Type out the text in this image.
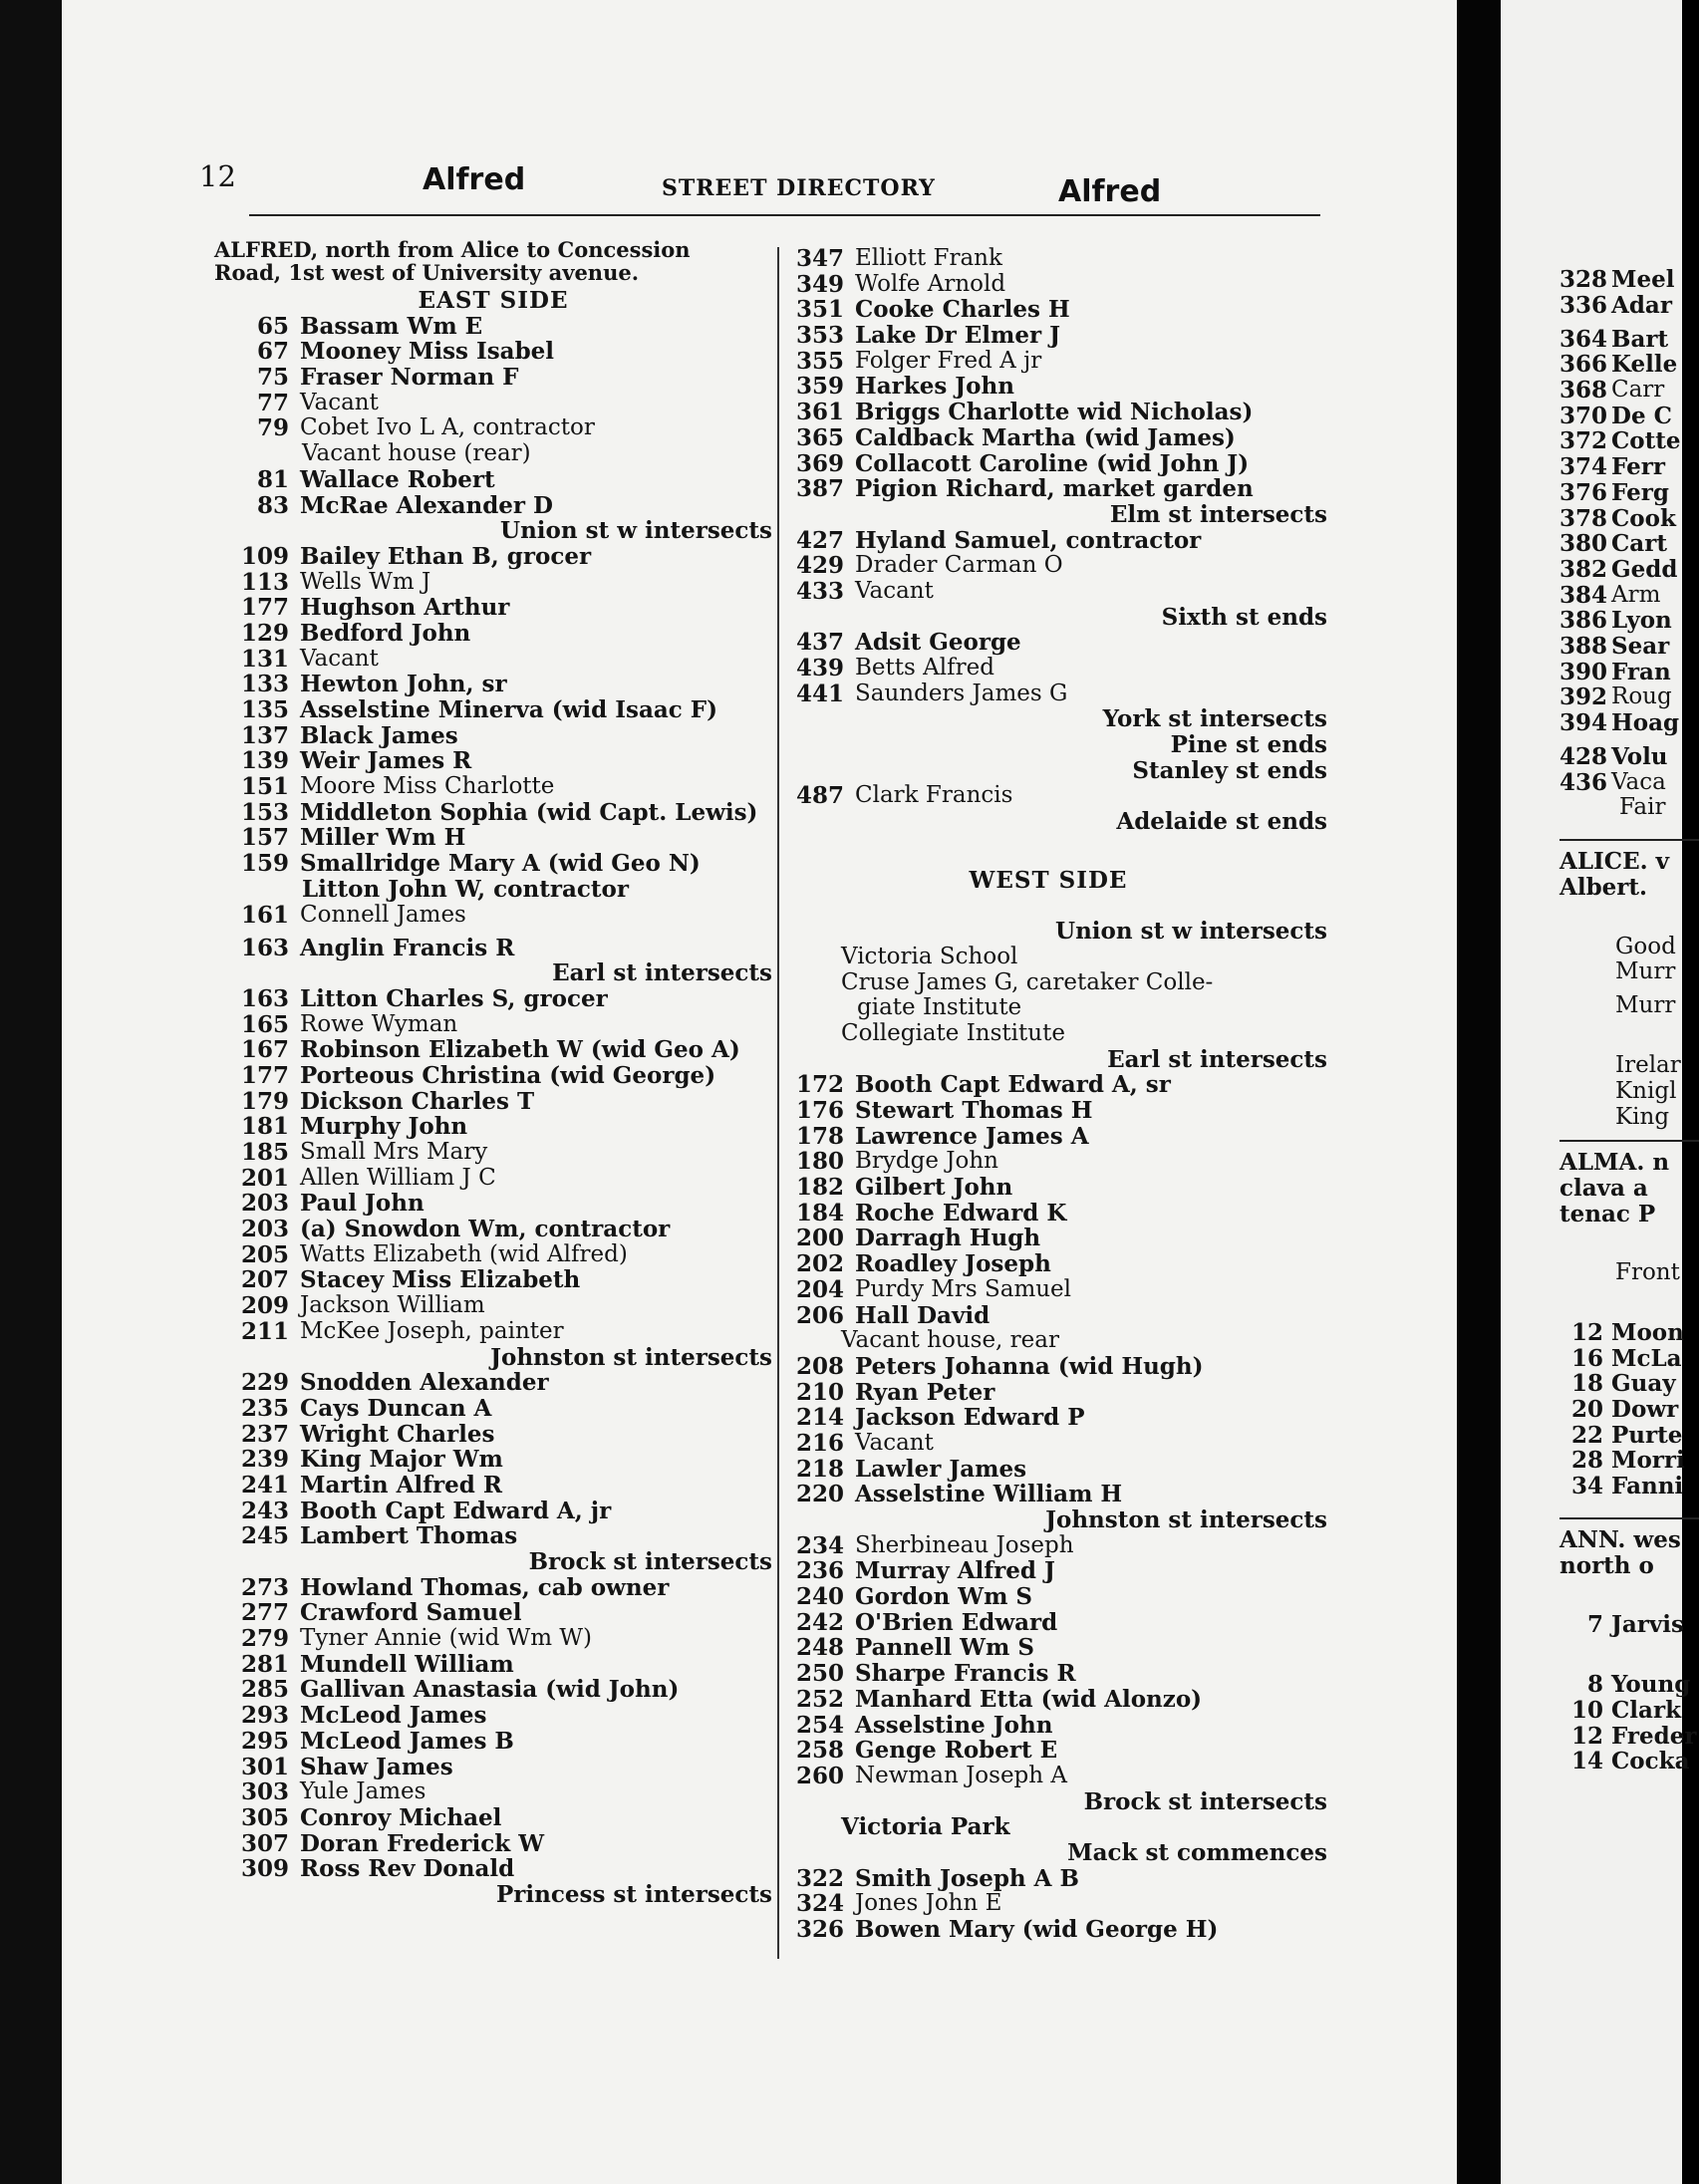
12	Alfred	STREET DIRECTORY	Alfred
ALFRED, north from Alice to Concession Road, 1st west of University avenue.
EAST SIDE
65 Bassam Wm E
67 Mooney Miss Isabel
75 Fraser Norman F
77 Vacant
79 Cobet Ivo L A, contractor
Vacant house (rear)
81 Wallace Robert
83 McRae Alexander D
Union st w intersects
109 Bailey Ethan B, grocer
113 Wells Wm J
177 Hughson Arthur
129 Bedford John
131 Vacant
133 Hewton John, sr
135 Asselstine Minerva (wid Isaac F)
137 Black James
139 Weir James R
151 Moore Miss Charlotte
153 Middleton Sophia (wid Capt. Lewis)
157 Miller Wm H
159 Smallridge Mary A (wid Geo N)
Litton John W, contractor
161 Connell James
163 Anglin Francis R
Earl st intersects
163 Litton Charles S, grocer
165 Rowe Wyman
167 Robinson Elizabeth W (wid Geo A)
177 Porteous Christina (wid George)
179 Dickson Charles T
181 Murphy John
185 Small Mrs Mary
201 Allen William J C
203 Paul John
203 (a) Snowdon Wm, contractor
205 Watts Elizabeth (wid Alfred)
207 Stacey Miss Elizabeth
209 Jackson William
211 McKee Joseph, painter
Johnston st intersects
229 Snodden Alexander
235 Cays Duncan A
237 Wright Charles
239 King Major Wm
241 Martin Alfred R
243 Booth Capt Edward A, jr
245 Lambert Thomas
Brock st intersects
273 Howland Thomas, cab owner
277 Crawford Samuel
279 Tyner Annie (wid Wm W)
281 Mundell William
285 Gallivan Anastasia (wid John)
293 McLeod James
295 McLeod James B
301 Shaw James
303 Yule James
305 Conroy Michael
307 Doran Frederick W
309 Ross Rev Donald
Princess st intersects
347 Elliott Frank
349 Wolfe Arnold
351 Cooke Charles H
353 Lake Dr Elmer J
355 Folger Fred A jr
359 Harkes John
361 Briggs Charlotte wid Nicholas)
365 Caldback Martha (wid James)
369 Collacott Caroline (wid John J)
387 Pigion Richard, market garden
Elm st intersects
427 Hyland Samuel, contractor
429 Drader Carman O
433 Vacant
Sixth st ends
437 Adsit George
439 Betts Alfred
441 Saunders James G
York st intersects
Pine st ends
Stanley st ends
487 Clark Francis
Adelaide st ends
WEST SIDE
Union st w intersects
Victoria School
Cruse James G, caretaker Colle-
giate Institute
Collegiate Institute
Earl st intersects
172 Booth Capt Edward A, sr
176 Stewart Thomas H
178 Lawrence James A
180 Brydge John
182 Gilbert John
184 Roche Edward K
200 Darragh Hugh
202 Roadley Joseph
204 Purdy Mrs Samuel
206 Hall David
Vacant house, rear
208 Peters Johanna (wid Hugh)
210 Ryan Peter
214 Jackson Edward P
216 Vacant
218 Lawler James
220 Asselstine William H
Johnston st intersects
234 Sherbineau Joseph
236 Murray Alfred J
240 Gordon Wm S
242 O'Brien Edward
248 Pannell Wm S
250 Sharpe Francis R
252 Manhard Etta (wid Alonzo)
254 Asselstine John
258 Genge Robert E
260 Newman Joseph A
Brock st intersects
Victoria Park
Mack st commences
322 Smith Joseph A B
324 Jones John E
326 Bowen Mary (wid George H)
328 Meel
336 Adar
364 Bart
366 Kelle
368 Carr
370 De C
372 Cotte
374 Ferr
376 Ferg
378 Cook
380 Cart
382 Gedd
384 Arm
386 Lyon
388 Sear
390 Fran
392 Roug
394 Hoag
428 Volu
436 Vaca
Fair
ALICE. v
Albert.
Good
Murr
Murr
Irelar
Knigl
King
ALMA. n
clava a
tenac P
Front
12 Moon
16 McLa
18 Guay
20 Dowr
22 Purte
28 Morri
34 Fanni
ANN. wes
north o
7 Jarvis
8 Young
10 Clark
12 Freder
14 Cocka
